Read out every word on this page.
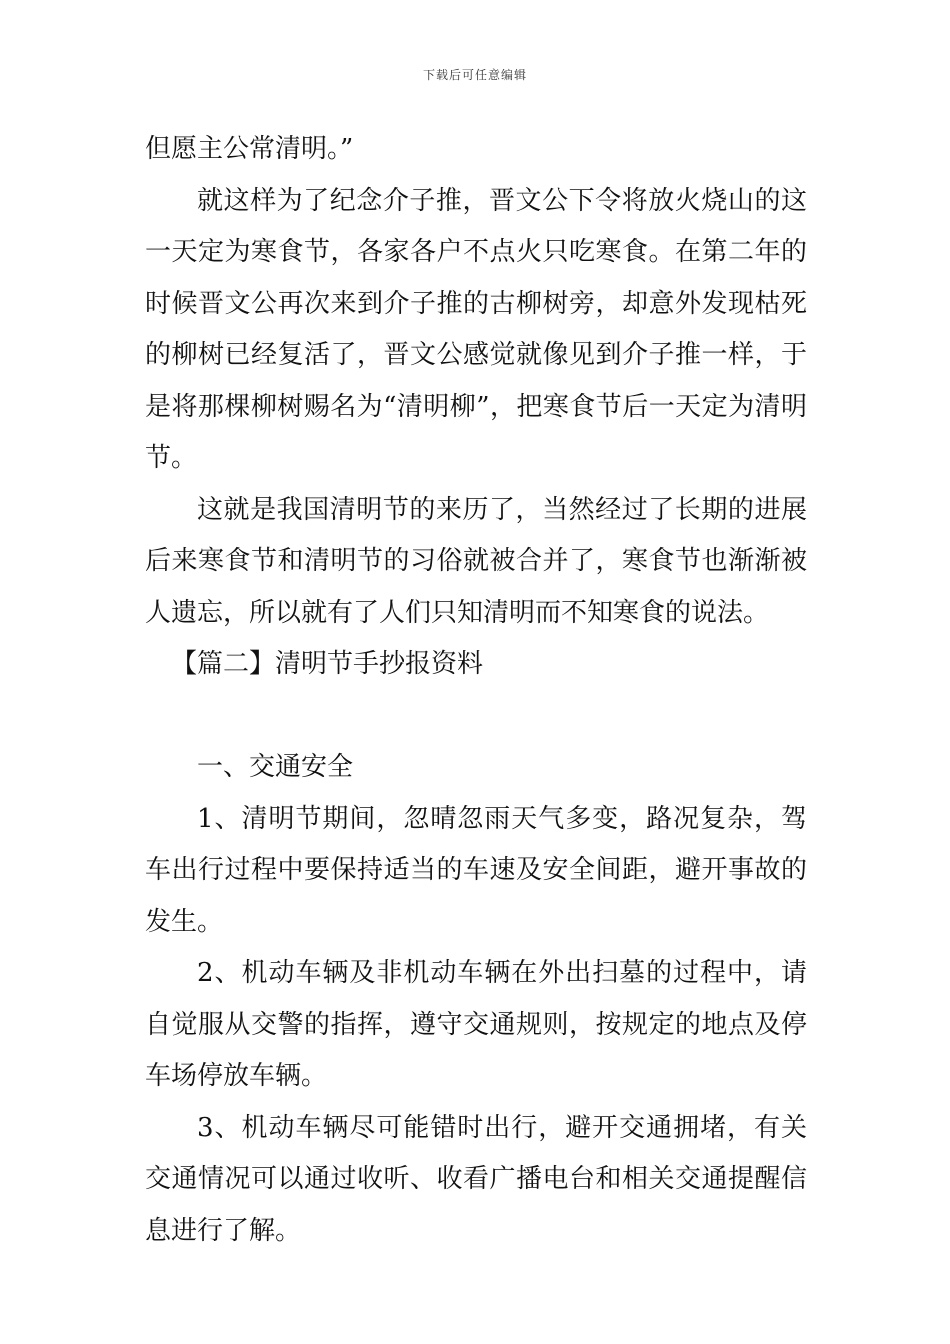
下载后可任意编辑

但愿主公常清明。”

就这样为了纪念介子推，晋文公下令将放火烧山的这一天定为寒食节，各家各户不点火只吃寒食。在第二年的时候晋文公再次来到介子推的古柳树旁，却意外发现枯死的柳树已经复活了，晋文公感觉就像见到介子推一样，于是将那棵柳树赐名为“清明柳”，把寒食节后一天定为清明节。

这就是我国清明节的来历了，当然经过了长期的进展后来寒食节和清明节的习俗就被合并了，寒食节也渐渐被人遗忘，所以就有了人们只知清明而不知寒食的说法。

【篇二】清明节手抄报资料

一、交通安全

1、清明节期间，忽晴忽雨天气多变，路况复杂，驾车出行过程中要保持适当的车速及安全间距，避开事故的发生。

2、机动车辆及非机动车辆在外出扫墓的过程中，请自觉服从交警的指挥，遵守交通规则，按规定的地点及停车场停放车辆。

3、机动车辆尽可能错时出行，避开交通拥堵，有关交通情况可以通过收听、收看广播电台和相关交通提醒信息进行了解。
